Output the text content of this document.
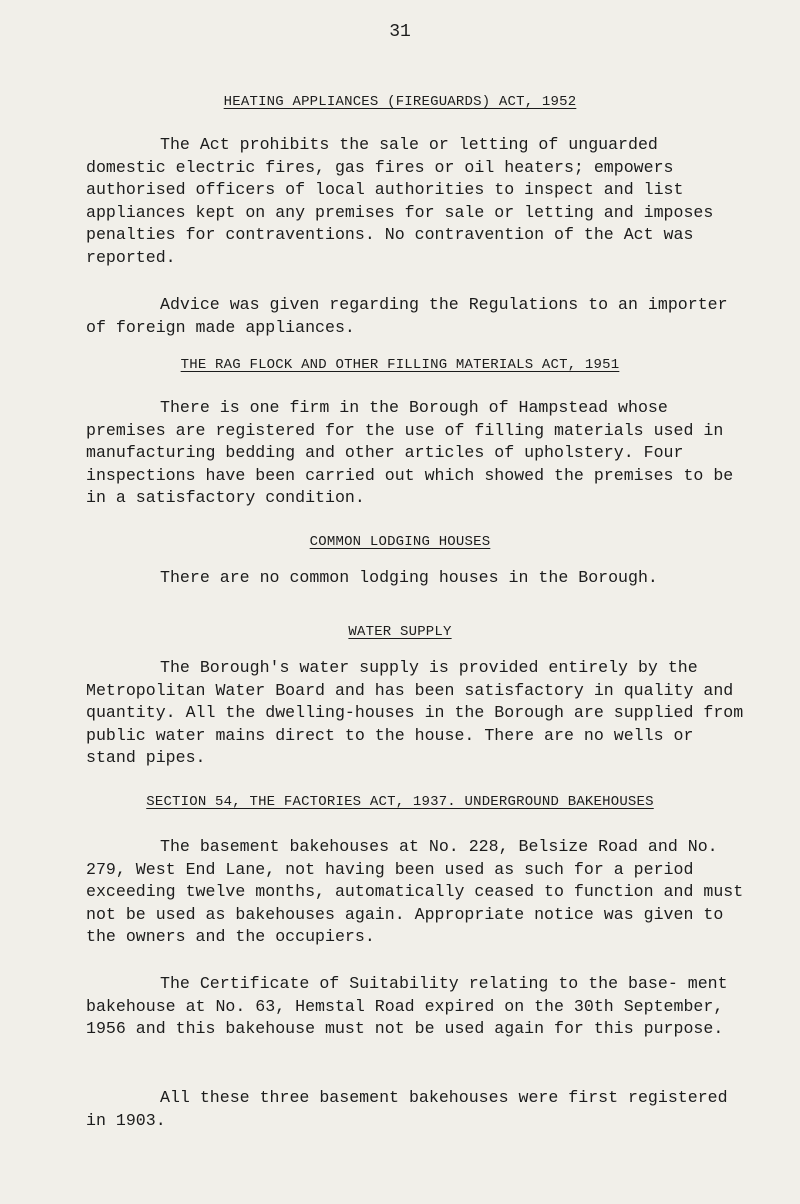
31
HEATING APPLIANCES (FIREGUARDS) ACT, 1952

The Act prohibits the sale or letting of unguarded domestic electric fires, gas fires or oil heaters; empowers authorised officers of local authorities to inspect and list appliances kept on any premises for sale or letting and imposes penalties for contraventions. No contravention of the Act was reported.

Advice was given regarding the Regulations to an importer of foreign made appliances.

THE RAG FLOCK AND OTHER FILLING MATERIALS ACT, 1951

There is one firm in the Borough of Hampstead whose premises are registered for the use of filling materials used in manufacturing bedding and other articles of upholstery. Four inspections have been carried out which showed the premises to be in a satisfactory condition.

COMMON LODGING HOUSES

There are no common lodging houses in the Borough.

WATER SUPPLY

The Borough's water supply is provided entirely by the Metropolitan Water Board and has been satisfactory in quality and quantity. All the dwelling-houses in the Borough are supplied from public water mains direct to the house. There are no wells or stand pipes.

SECTION 54, THE FACTORIES ACT, 1937. UNDERGROUND BAKEHOUSES

The basement bakehouses at No. 228, Belsize Road and No. 279, West End Lane, not having been used as such for a period exceeding twelve months, automatically ceased to function and must not be used as bakehouses again. Appropriate notice was given to the owners and the occupiers.

The Certificate of Suitability relating to the base- ment bakehouse at No. 63, Hemstal Road expired on the 30th September, 1956 and this bakehouse must not be used again for this purpose.

All these three basement bakehouses were first registered in 1903.
